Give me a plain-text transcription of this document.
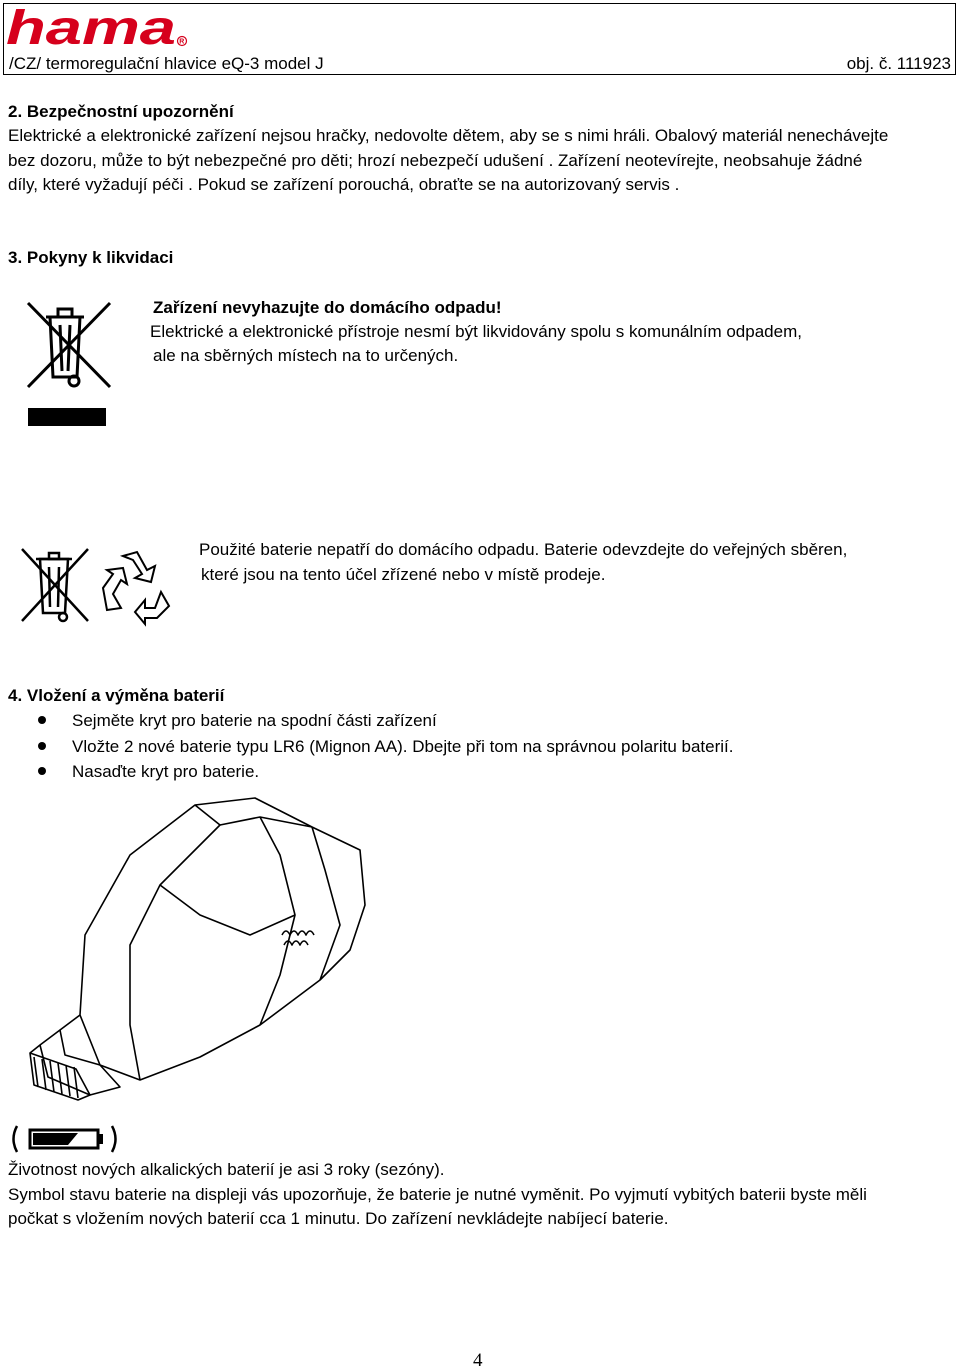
hama R
/CZ/ termoregulační hlavice eQ-3 model J	obj. č. 111923
2. Bezpečnostní upozornění
Elektrické a elektronické zařízení nejsou hračky, nedovolte dětem, aby se s nimi hráli. Obalový materiál nenechávejte
bez dozoru, může to být nebezpečné pro děti; hrozí nebezpečí udušení . Zařízení neotevírejte, neobsahuje žádné
díly, které vyžadují péči . Pokud se zařízení porouchá, obraťte se na autorizovaný servis .
3. Pokyny k likvidaci
Zařízení nevyhazujte do domácího odpadu!
Elektrické a elektronické přístroje nesmí být likvidovány spolu s komunálním odpadem,
ale na sběrných místech na to určených.
Použité baterie nepatří do domácího odpadu. Baterie odevzdejte do veřejných sběren,
které jsou na tento účel zřízené nebo v místě prodeje.
4. Vložení a výměna baterií
Sejměte kryt pro baterie na spodní části zařízení
Vložte 2 nové baterie typu LR6 (Mignon AA). Dbejte při tom na správnou polaritu baterií.
Nasaďte kryt pro baterie.
Životnost nových alkalických baterií je asi 3 roky (sezóny).
Symbol stavu baterie na displeji vás upozorňuje, že baterie je nutné vyměnit. Po vyjmutí vybitých baterii byste měli
počkat s vložením nových baterií cca 1 minutu. Do zařízení nevkládejte nabíjecí baterie.
4
